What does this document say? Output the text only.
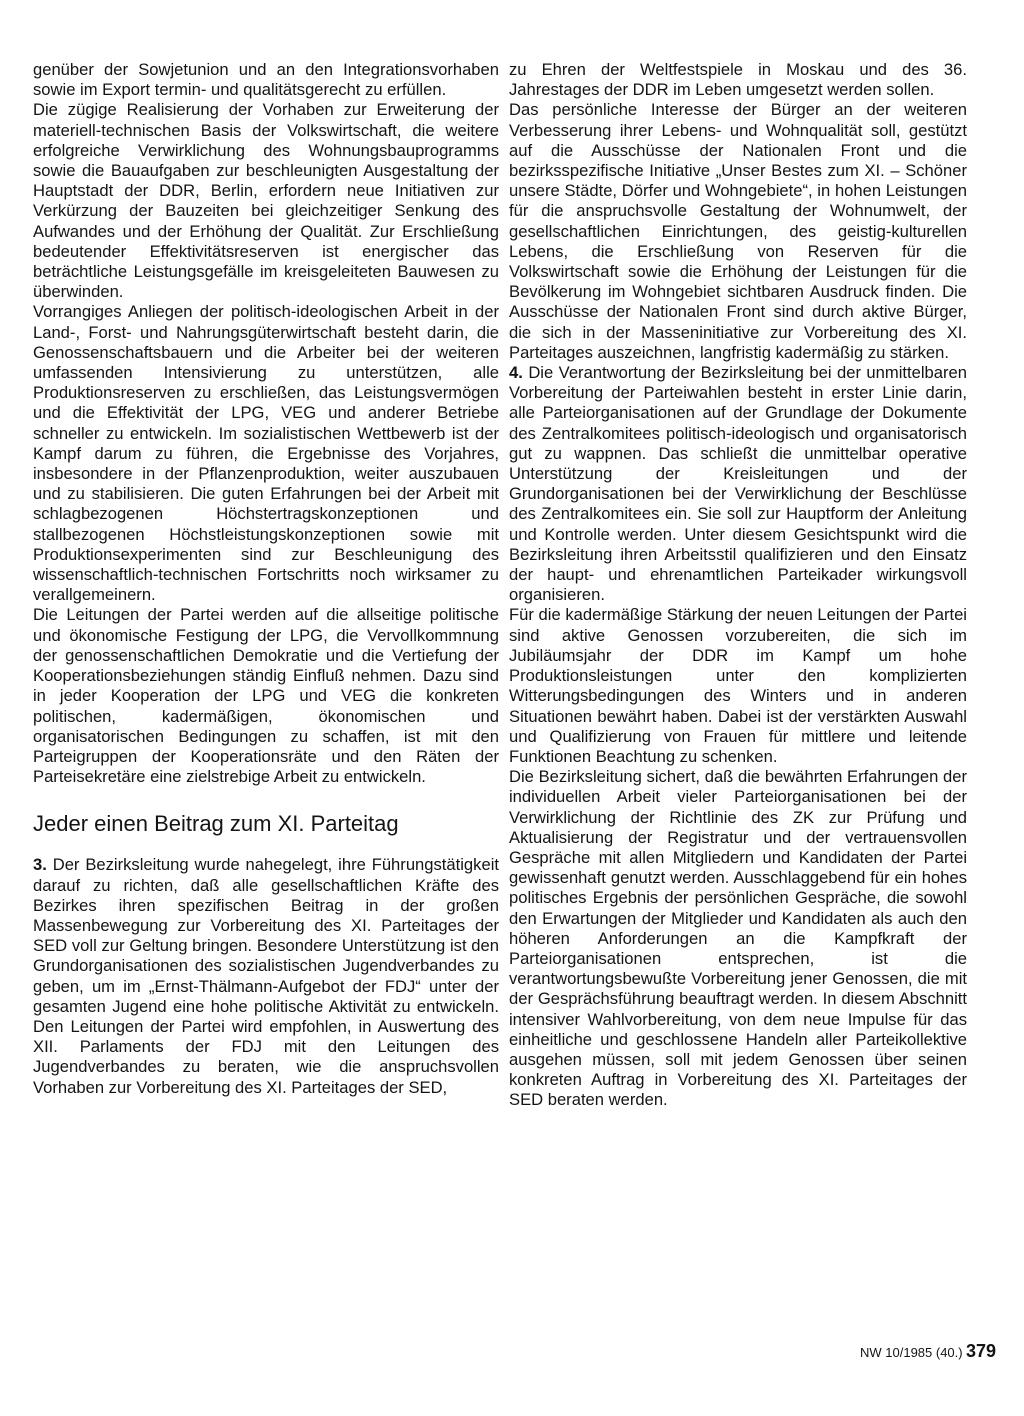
genüber der Sowjetunion und an den Integrationsvorhaben sowie im Export termin- und qualitätsgerecht zu erfüllen.

Die zügige Realisierung der Vorhaben zur Erweiterung der materiell-technischen Basis der Volkswirtschaft, die weitere erfolgreiche Verwirklichung des Wohnungsbauprogramms sowie die Bauaufgaben zur beschleunigten Ausgestaltung der Hauptstadt der DDR, Berlin, erfordern neue Initiativen zur Verkürzung der Bauzeiten bei gleichzeitiger Senkung des Aufwandes und der Erhöhung der Qualität. Zur Erschließung bedeutender Effektivitätsreserven ist energischer das beträchtliche Leistungsgefälle im kreisgeleiteten Bauwesen zu überwinden.

Vorrangiges Anliegen der politisch-ideologischen Arbeit in der Land-, Forst- und Nahrungsgüterwirtschaft besteht darin, die Genossenschaftsbauern und die Arbeiter bei der weiteren umfassenden Intensivierung zu unterstützen, alle Produktionsreserven zu erschließen, das Leistungsvermögen und die Effektivität der LPG, VEG und anderer Betriebe schneller zu entwickeln. Im sozialistischen Wettbewerb ist der Kampf darum zu führen, die Ergebnisse des Vorjahres, insbesondere in der Pflanzenproduktion, weiter auszubauen und zu stabilisieren. Die guten Erfahrungen bei der Arbeit mit schlagbezogenen Höchstertragskonzeptionen und stallbezogenen Höchstleistungskonzeptionen sowie mit Produktionsexperimenten sind zur Beschleunigung des wissenschaftlich-technischen Fortschritts noch wirksamer zu verallgemeinern.

Die Leitungen der Partei werden auf die allseitige politische und ökonomische Festigung der LPG, die Vervollkommnung der genossenschaftlichen Demokratie und die Vertiefung der Kooperationsbeziehungen ständig Einfluß nehmen. Dazu sind in jeder Kooperation der LPG und VEG die konkreten politischen, kadermäßigen, ökonomischen und organisatorischen Bedingungen zu schaffen, ist mit den Parteigruppen der Kooperationsräte und den Räten der Parteisekretäre eine zielstrebige Arbeit zu entwickeln.

Jeder einen Beitrag zum XI. Parteitag

3. Der Bezirksleitung wurde nahegelegt, ihre Führungstätigkeit darauf zu richten, daß alle gesellschaftlichen Kräfte des Bezirkes ihren spezifischen Beitrag in der großen Massenbewegung zur Vorbereitung des XI. Parteitages der SED voll zur Geltung bringen. Besondere Unterstützung ist den Grundorganisationen des sozialistischen Jugendverbandes zu geben, um im „Ernst-Thälmann-Aufgebot der FDJ“ unter der gesamten Jugend eine hohe politische Aktivität zu entwickeln. Den Leitungen der Partei wird empfohlen, in Auswertung des XII. Parlaments der FDJ mit den Leitungen des Jugendverbandes zu beraten, wie die anspruchsvollen Vorhaben zur Vorbereitung des XI. Parteitages der SED,

zu Ehren der Weltfestspiele in Moskau und des 36. Jahrestages der DDR im Leben umgesetzt werden sollen.

Das persönliche Interesse der Bürger an der weiteren Verbesserung ihrer Lebens- und Wohnqualität soll, gestützt auf die Ausschüsse der Nationalen Front und die bezirksspezifische Initiative „Unser Bestes zum XI. – Schöner unsere Städte, Dörfer und Wohngebiete“, in hohen Leistungen für die anspruchsvolle Gestaltung der Wohnumwelt, der gesellschaftlichen Einrichtungen, des geistig-kulturellen Lebens, die Erschließung von Reserven für die Volkswirtschaft sowie die Erhöhung der Leistungen für die Bevölkerung im Wohngebiet sichtbaren Ausdruck finden. Die Ausschüsse der Nationalen Front sind durch aktive Bürger, die sich in der Masseninitiative zur Vorbereitung des XI. Parteitages auszeichnen, langfristig kadermäßig zu stärken.

4. Die Verantwortung der Bezirksleitung bei der unmittelbaren Vorbereitung der Parteiwahlen besteht in erster Linie darin, alle Parteiorganisationen auf der Grundlage der Dokumente des Zentralkomitees politisch-ideologisch und organisatorisch gut zu wappnen. Das schließt die unmittelbar operative Unterstützung der Kreisleitungen und der Grundorganisationen bei der Verwirklichung der Beschlüsse des Zentralkomitees ein. Sie soll zur Hauptform der Anleitung und Kontrolle werden. Unter diesem Gesichtspunkt wird die Bezirksleitung ihren Arbeitsstil qualifizieren und den Einsatz der haupt- und ehrenamtlichen Parteikader wirkungsvoll organisieren.

Für die kadermäßige Stärkung der neuen Leitungen der Partei sind aktive Genossen vorzubereiten, die sich im Jubiläumsjahr der DDR im Kampf um hohe Produktionsleistungen unter den komplizierten Witterungsbedingungen des Winters und in anderen Situationen bewährt haben. Dabei ist der verstärkten Auswahl und Qualifizierung von Frauen für mittlere und leitende Funktionen Beachtung zu schenken.

Die Bezirksleitung sichert, daß die bewährten Erfahrungen der individuellen Arbeit vieler Parteiorganisationen bei der Verwirklichung der Richtlinie des ZK zur Prüfung und Aktualisierung der Registratur und der vertrauensvollen Gespräche mit allen Mitgliedern und Kandidaten der Partei gewissenhaft genutzt werden. Ausschlaggebend für ein hohes politisches Ergebnis der persönlichen Gespräche, die sowohl den Erwartungen der Mitglieder und Kandidaten als auch den höheren Anforderungen an die Kampfkraft der Parteiorganisationen entsprechen, ist die verantwortungsbewußte Vorbereitung jener Genossen, die mit der Gesprächsführung beauftragt werden. In diesem Abschnitt intensiver Wahlvorbereitung, von dem neue Impulse für das einheitliche und geschlossene Handeln aller Parteikollektive ausgehen müssen, soll mit jedem Genossen über seinen konkreten Auftrag in Vorbereitung des XI. Parteitages der SED beraten werden.

NW 10/1985 (40.) 379
